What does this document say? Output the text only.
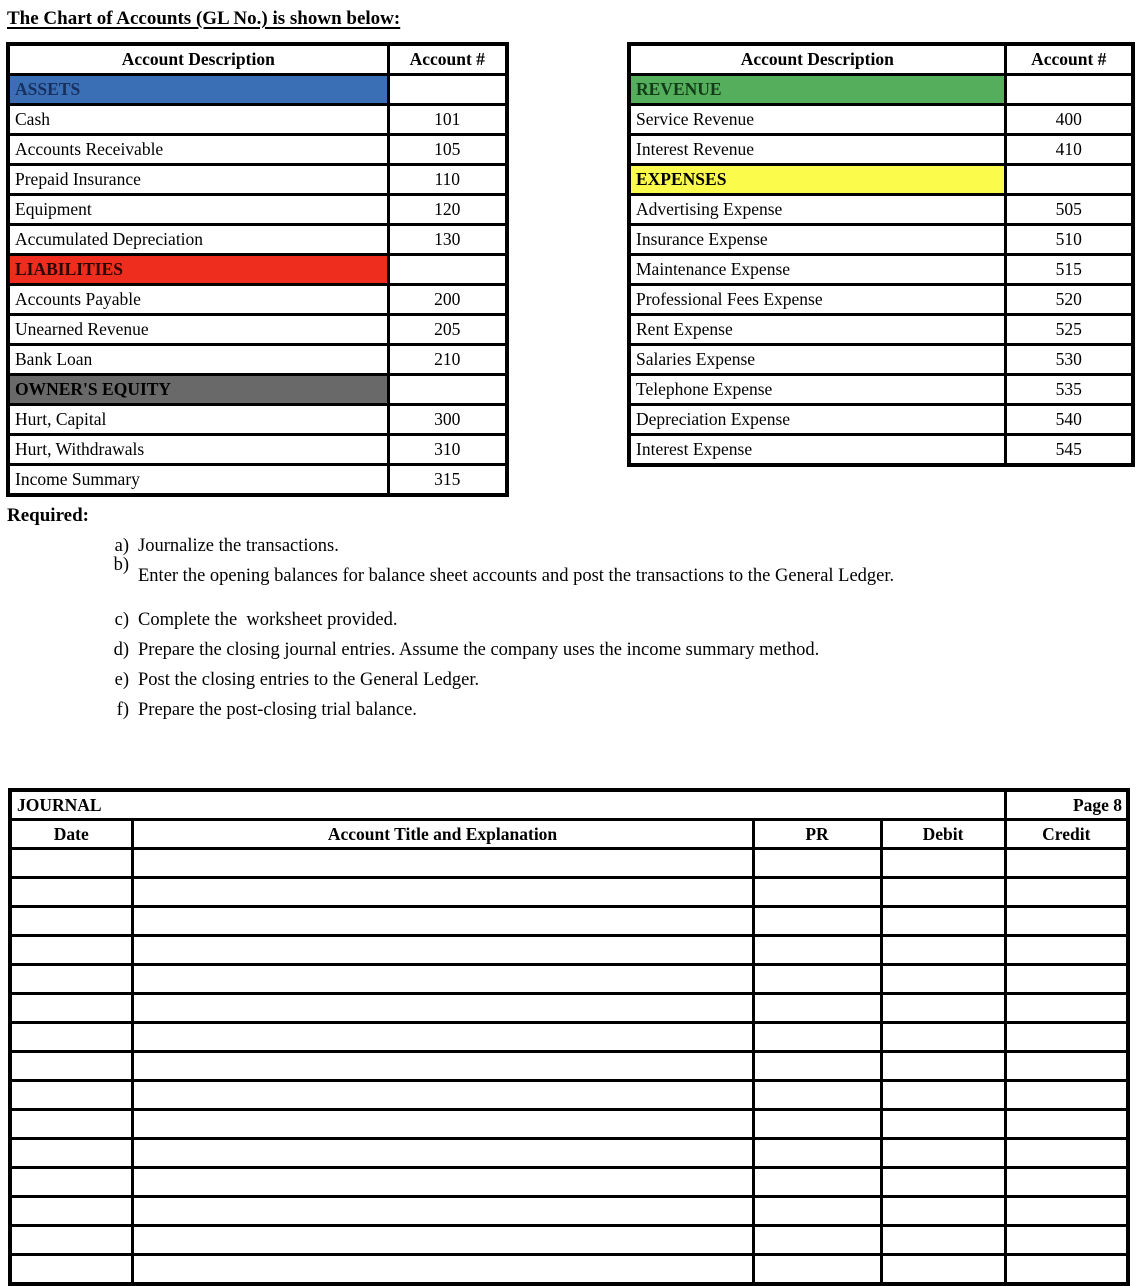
The Chart of Accounts (GL No.) is shown below:
Account Description	Account #
ASSETS	
Cash	101
Accounts Receivable	105
Prepaid Insurance	110
Equipment	120
Accumulated Depreciation	130
LIABILITIES	
Accounts Payable	200
Unearned Revenue	205
Bank Loan	210
OWNER'S EQUITY	
Hurt, Capital	300
Hurt, Withdrawals	310
Income Summary	315
Account Description	Account #
REVENUE	
Service Revenue	400
Interest Revenue	410
EXPENSES	
Advertising Expense	505
Insurance Expense	510
Maintenance Expense	515
Professional Fees Expense	520
Rent Expense	525
Salaries Expense	530
Telephone Expense	535
Depreciation Expense	540
Interest Expense	545
Required:
a) Journalize the transactions.
b)
Enter the opening balances for balance sheet accounts and post the transactions to the General Ledger.
c) Complete the  worksheet provided.
d) Prepare the closing journal entries. Assume the company uses the income summary method.
e) Post the closing entries to the General Ledger.
f) Prepare the post-closing trial balance.
JOURNAL				Page 8
Date	Account Title and Explanation	PR	Debit	Credit
